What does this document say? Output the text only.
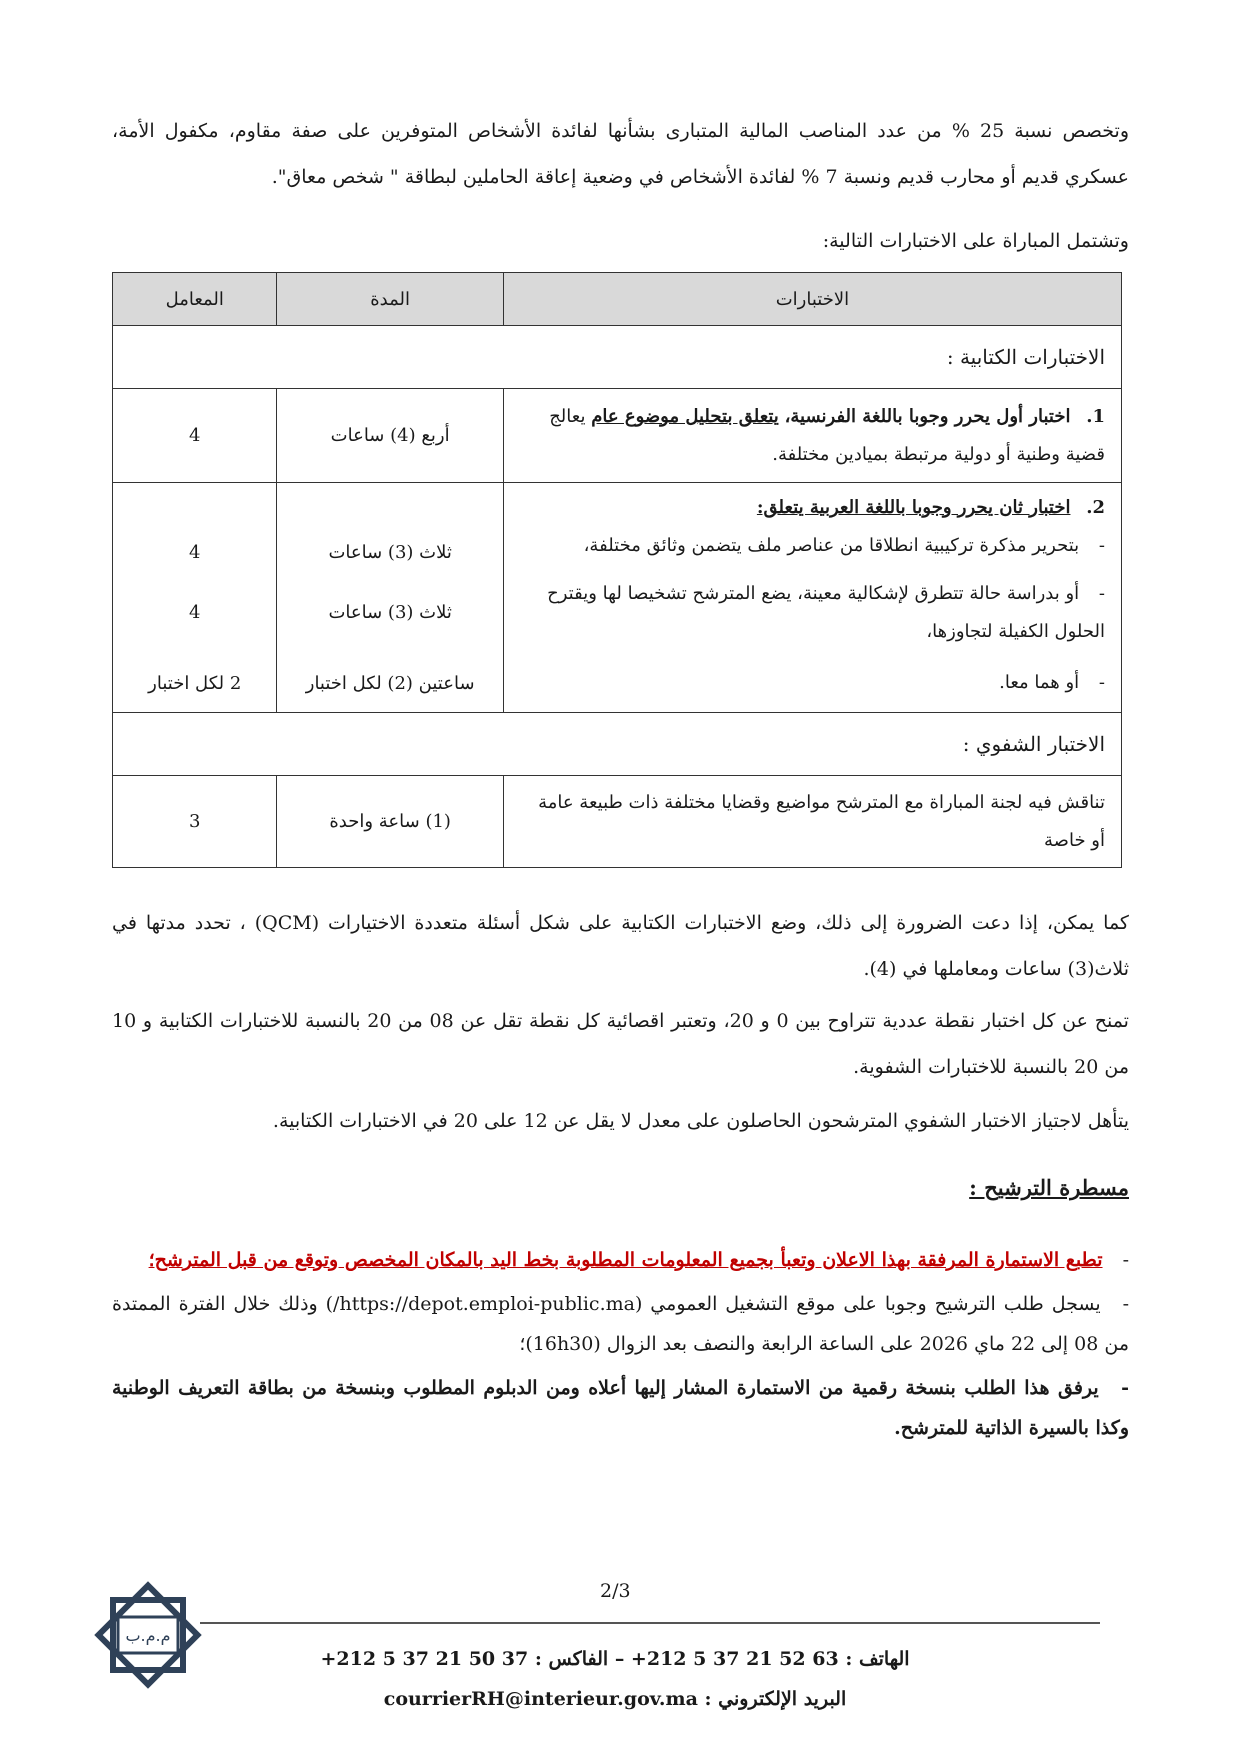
وتخصص نسبة 25 % من عدد المناصب المالية المتبارى بشأنها لفائدة الأشخاص المتوفرين على صفة مقاوم، مكفول الأمة، عسكري قديم أو محارب قديم ونسبة 7 % لفائدة الأشخاص في وضعية إعاقة الحاملين لبطاقة " شخص معاق".

وتشتمل المباراة على الاختبارات التالية:

الاختبارات	المدة	المعامل
الاختبارات الكتابية :		
1. اختبار أول يحرر وجوبا باللغة الفرنسية، يتعلق بتحليل موضوع عام يعالج قضية وطنية أو دولية مرتبطة بميادين مختلفة.	أربع (4) ساعات	4

2. اختبار ثان يحرر وجوبا باللغة العربية يتعلق:
- بتحرير مذكرة تركيبية انطلاقا من عناصر ملف يتضمن وثائق مختلفة،	ثلاث (3) ساعات	4
- أو بدراسة حالة تتطرق لإشكالية معينة، يضع المترشح تشخيصا لها ويقترح الحلول الكفيلة لتجاوزها،	ثلاث (3) ساعات	4
- أو هما معا.	ساعتين (2) لكل اختبار	2 لكل اختبار
الاختبار الشفوي :		
تناقش فيه لجنة المباراة مع المترشح مواضيع وقضايا مختلفة ذات طبيعة عامة أو خاصة	(1) ساعة واحدة	3

كما يمكن، إذا دعت الضرورة إلى ذلك، وضع الاختبارات الكتابية على شكل أسئلة متعددة الاختيارات (QCM) ، تحدد مدتها في ثلاث(3) ساعات ومعاملها في (4).

تمنح عن كل اختبار نقطة عددية تتراوح بين 0 و 20، وتعتبر اقصائية كل نقطة تقل عن 08 من 20 بالنسبة للاختبارات الكتابية و 10 من 20 بالنسبة للاختبارات الشفوية.

يتأهل لاجتياز الاختبار الشفوي المترشحون الحاصلون على معدل لا يقل عن 12 على 20 في الاختبارات الكتابية.

مسطرة الترشيح :
- تطبع الاستمارة المرفقة بهذا الاعلان وتعبأ بجميع المعلومات المطلوبة بخط اليد بالمكان المخصص وتوقع من قبل المترشح؛
- يسجل طلب الترشيح وجوبا على موقع التشغيل العمومي (https://depot.emploi-public.ma/) وذلك خلال الفترة الممتدة من 08 إلى 22 ماي 2026 على الساعة الرابعة والنصف بعد الزوال (16h30)؛
- يرفق هذا الطلب بنسخة رقمية من الاستمارة المشار إليها أعلاه ومن الدبلوم المطلوب وبنسخة من بطاقة التعريف الوطنية وكذا بالسيرة الذاتية للمترشح.
2/3
م.م.ب
الهاتف : 63 52 21 37 5 212+ – الفاكس : 37 50 21 37 5 212+
البريد الإلكتروني : courrierRH@interieur.gov.ma
